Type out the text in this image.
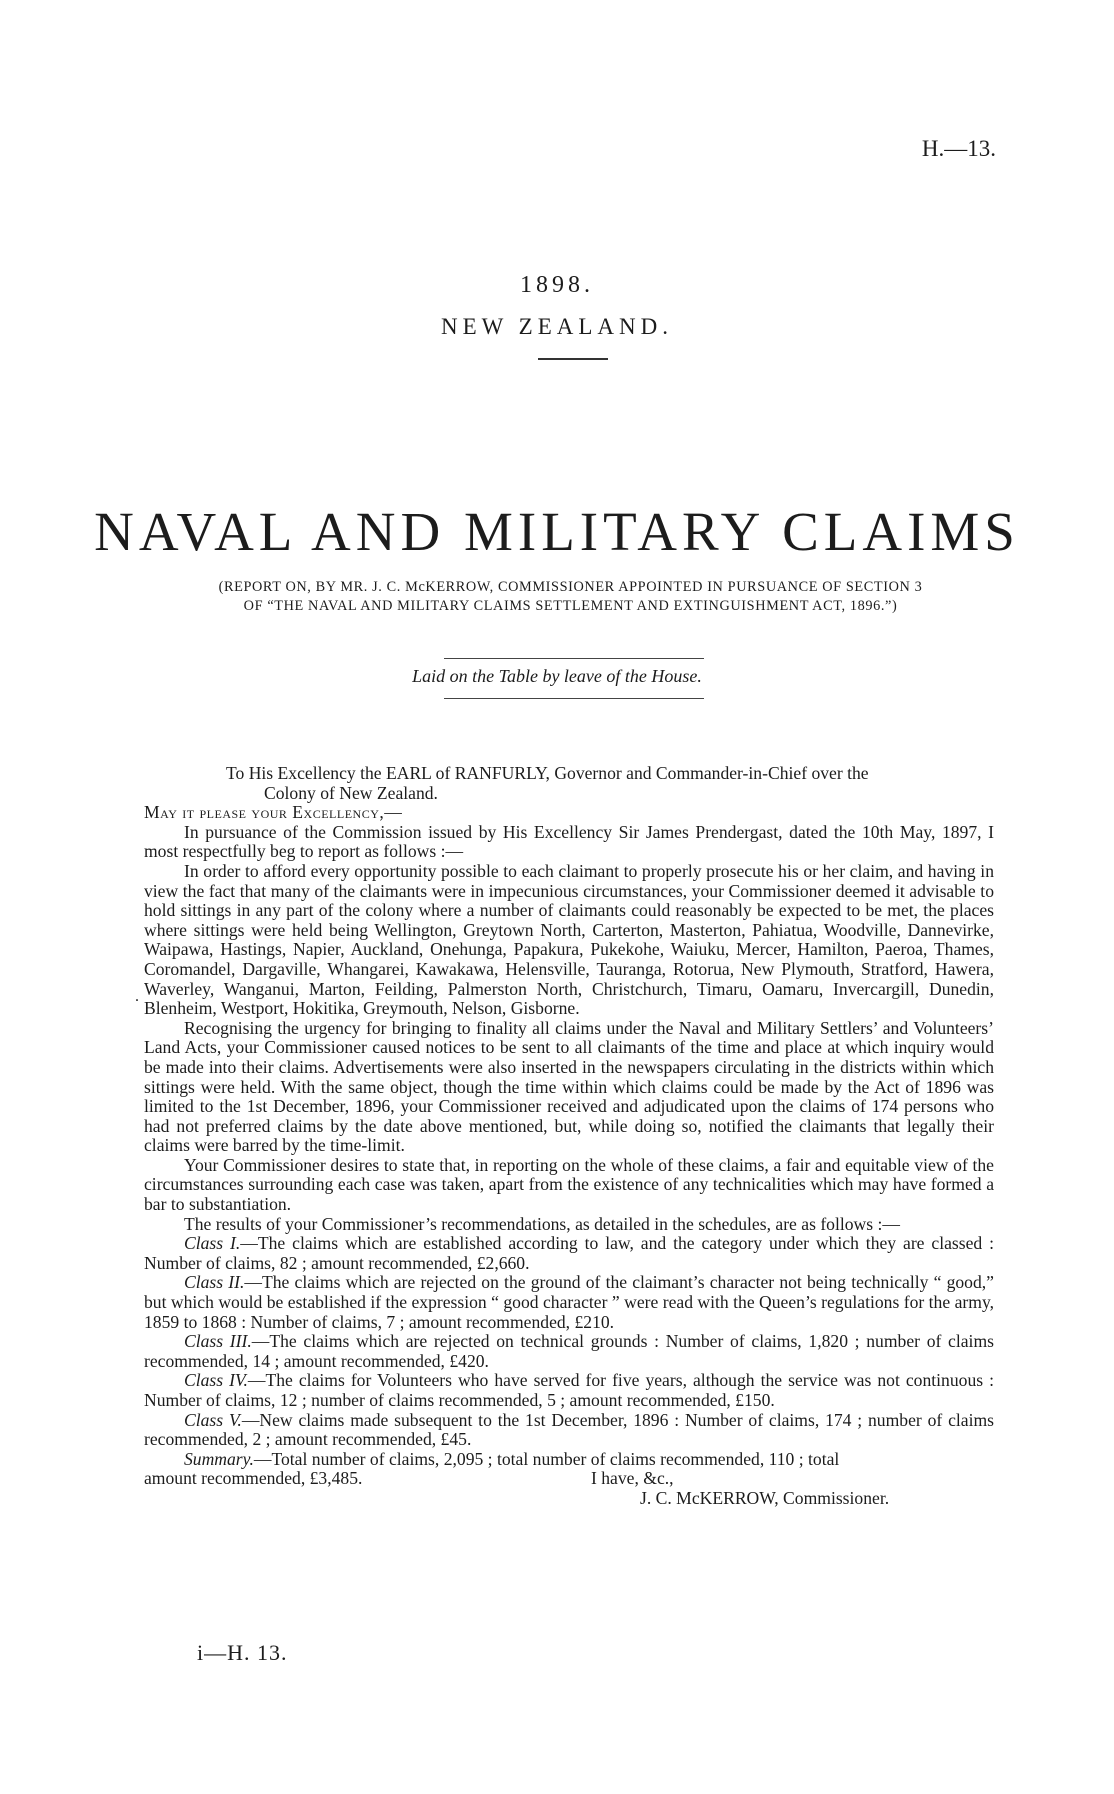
H.—13.
1898.
NEW ZEALAND.
NAVAL AND MILITARY CLAIMS
(REPORT ON, BY MR. J. C. McKERROW, COMMISSIONER APPOINTED IN PURSUANCE OF SECTION 3
OF “THE NAVAL AND MILITARY CLAIMS SETTLEMENT AND EXTINGUISHMENT ACT, 1896.”)
Laid on the Table by leave of the House.
.

To His Excellency the EARL of RANFURLY, Governor and Commander-in-Chief over the

Colony of New Zealand.

May it please your Excellency,—

In pursuance of the Commission issued by His Excellency Sir James Prendergast, dated the 10th May, 1897, I most respectfully beg to report as follows :—

In order to afford every opportunity possible to each claimant to properly prosecute his or her claim, and having in view the fact that many of the claimants were in impecunious circumstances, your Commissioner deemed it advisable to hold sittings in any part of the colony where a number of claimants could reasonably be expected to be met, the places where sittings were held being Wellington, Greytown North, Carterton, Masterton, Pahiatua, Woodville, Dannevirke, Waipawa, Hastings, Napier, Auckland, Onehunga, Papakura, Pukekohe, Waiuku, Mercer, Hamilton, Paeroa, Thames, Coromandel, Dargaville, Whangarei, Kawakawa, Helensville, Tauranga, Rotorua, New Plymouth, Stratford, Hawera, Waverley, Wanganui, Marton, Feilding, Palmerston North, Christchurch, Timaru, Oamaru, Invercargill, Dunedin, Blenheim, Westport, Hokitika, Greymouth, Nelson, Gisborne.

Recognising the urgency for bringing to finality all claims under the Naval and Military Settlers’ and Volunteers’ Land Acts, your Commissioner caused notices to be sent to all claimants of the time and place at which inquiry would be made into their claims. Advertisements were also inserted in the newspapers circulating in the districts within which sittings were held. With the same object, though the time within which claims could be made by the Act of 1896 was limited to the 1st December, 1896, your Commissioner received and adjudicated upon the claims of 174 persons who had not preferred claims by the date above mentioned, but, while doing so, notified the claimants that legally their claims were barred by the time-limit.

Your Commissioner desires to state that, in reporting on the whole of these claims, a fair and equitable view of the circumstances surrounding each case was taken, apart from the existence of any technicalities which may have formed a bar to substantiation.

The results of your Commissioner’s recommendations, as detailed in the schedules, are as follows :—

Class I.—The claims which are established according to law, and the category under which they are classed : Number of claims, 82 ; amount recommended, £2,660.

Class II.—The claims which are rejected on the ground of the claimant’s character not being technically “ good,” but which would be established if the expression “ good character ” were read with the Queen’s regulations for the army, 1859 to 1868 : Number of claims, 7 ; amount recommended, £210.

Class III.—The claims which are rejected on technical grounds : Number of claims, 1,820 ; number of claims recommended, 14 ; amount recommended, £420.

Class IV.—The claims for Volunteers who have served for five years, although the service was not continuous : Number of claims, 12 ; number of claims recommended, 5 ; amount recommended, £150.

Class V.—New claims made subsequent to the 1st December, 1896 : Number of claims, 174 ; number of claims recommended, 2 ; amount recommended, £45.

Summary.—Total number of claims, 2,095 ; total number of claims recommended, 110 ; total

amount recommended, £3,485.	I have, &c.,
J. C. McKERROW, Commissioner.
i—H. 13.
